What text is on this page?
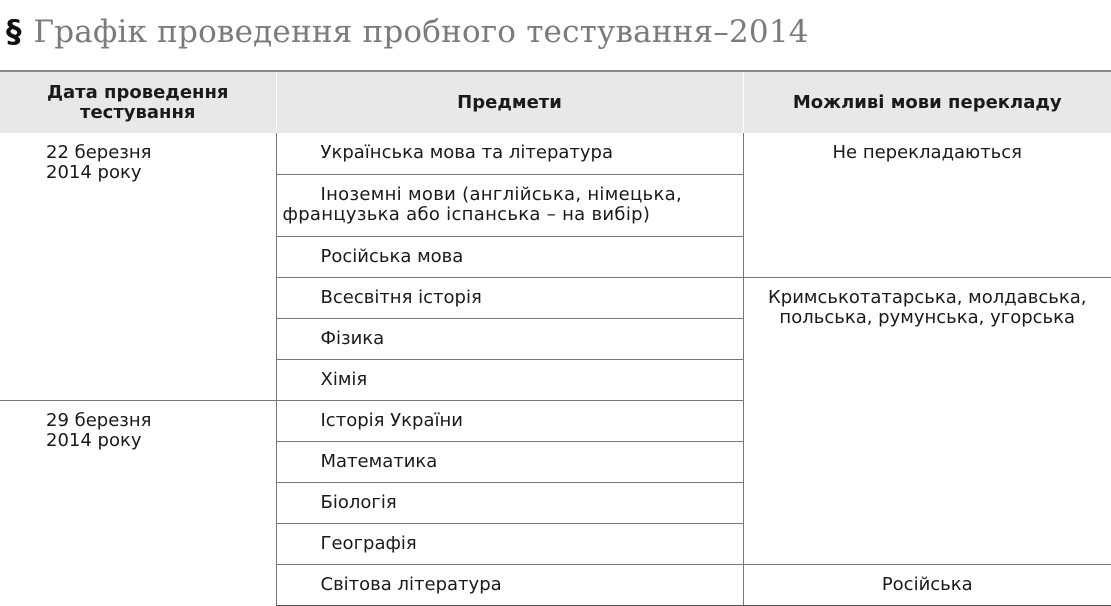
§ Графік проведення пробного тестування–2014
Дата проведення тестування	Предмети	Можливі мови перекладу

22 березня
2014 року	Українська мова та література	Не перекладаються
	Іноземні мови (англійська, німецька, французька або іспанська – на вибір)	
	Російська мова	
	Всесвітня історія	Кримськотатарська, молдавська, польська, румунська, угорська
	Фізика	
	Хімія	

29 березня
2014 року	Історія України	
	Математика	
	Біологія	
	Географія	
	Світова література	Російська
